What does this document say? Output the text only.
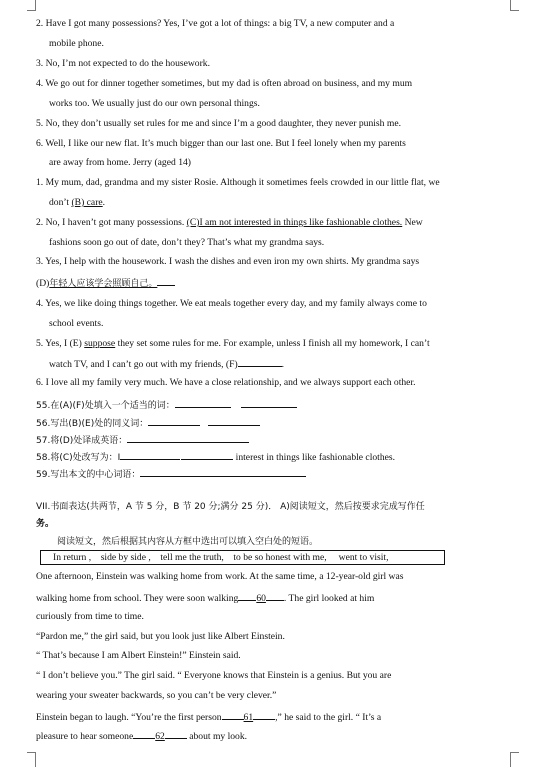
2. Have I got many possessions? Yes, I’ve got a lot of things: a big TV, a new computer and a
mobile phone.
3. No, I’m not expected to do the housework.
4. We go out for dinner together sometimes, but my dad is often abroad on business, and my mum
works too. We usually just do our own personal things.
5. No, they don’t usually set rules for me and since I’m a good daughter, they never punish me.
6. Well, I like our new flat. It’s much bigger than our last one. But I feel lonely when my parents
are away from home. Jerry (aged 14)
1. My mum, dad, grandma and my sister Rosie. Although it sometimes feels crowded in our little flat, we
don’t (B) care.
2. No, I haven’t got many possessions. (C)I am not interested in things like fashionable clothes. New
fashions soon go out of date, don’t they? That’s what my grandma says.
3. Yes, I help with the housework. I wash the dishes and even iron my own shirts. My grandma says
(D)年轻人应该学会照顾自己。
4. Yes, we like doing things together. We eat meals together every day, and my family always come to
school events.
5. Yes, I (E) suppose they set some rules for me. For example, unless I finish all my homework, I can’t
watch TV, and I can’t go out with my friends, (F)	.
6. I love all my family very much. We have a close relationship, and we always support each other.
55.在(A)(F)处填入一个适当的词：
56.写出(B)(E)处的同义词：
57.将(D)处译成英语：
58.将(C)处改写为：I	interest in things like fashionable clothes.
59.写出本文的中心词语：
VII.书面表达(共两节，A 节 5 分，B 节 20 分;满分 25 分)． A)阅读短文，然后按要求完成写作任
务。
阅读短文，然后根据其内容从方框中选出可以填入空白处的短语。
In return ,    side by side ,    tell me the truth,    to be so honest with me,     went to visit,
One afternoon, Einstein was walking home from work. At the same time, a 12-year-old girl was
walking home from school. They were soon walking 60 . The girl looked at him
curiously from time to time.
“Pardon me,” the girl said, but you look just like Albert Einstein.
“ That’s because I am Albert Einstein!” Einstein said.
“ I don’t believe you.” The girl said. “ Everyone knows that Einstein is a genius. But you are
wearing your sweater backwards, so you can’t be very clever.”
Einstein began to laugh. “You’re the first person 61 ,” he said to the girl. “ It’s a
pleasure to hear someone 62 about my look.
